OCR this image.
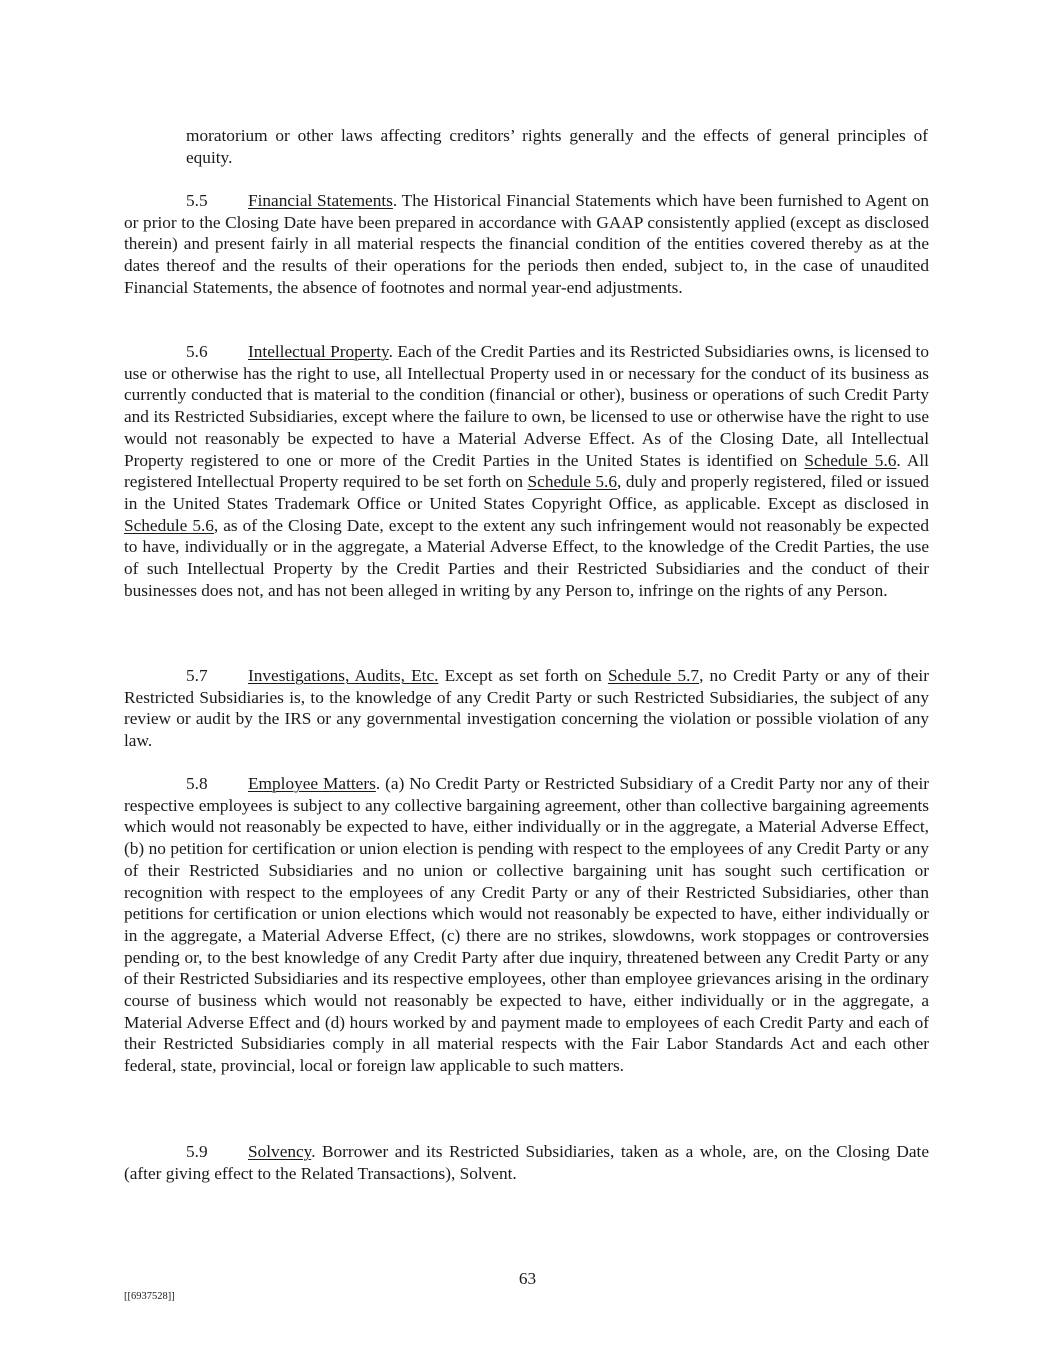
moratorium or other laws affecting creditors’ rights generally and the effects of general principles of equity.

5.5 Financial Statements. The Historical Financial Statements which have been furnished to Agent on or prior to the Closing Date have been prepared in accordance with GAAP consistently applied (except as disclosed therein) and present fairly in all material respects the financial condition of the entities covered thereby as at the dates thereof and the results of their operations for the periods then ended, subject to, in the case of unaudited Financial Statements, the absence of footnotes and normal year-end adjustments.

5.6 Intellectual Property. Each of the Credit Parties and its Restricted Subsidiaries owns, is licensed to use or otherwise has the right to use, all Intellectual Property used in or necessary for the conduct of its business as currently conducted that is material to the condition (financial or other), business or operations of such Credit Party and its Restricted Subsidiaries, except where the failure to own, be licensed to use or otherwise have the right to use would not reasonably be expected to have a Material Adverse Effect. As of the Closing Date, all Intellectual Property registered to one or more of the Credit Parties in the United States is identified on Schedule 5.6. All registered Intellectual Property required to be set forth on Schedule 5.6, duly and properly registered, filed or issued in the United States Trademark Office or United States Copyright Office, as applicable. Except as disclosed in Schedule 5.6, as of the Closing Date, except to the extent any such infringement would not reasonably be expected to have, individually or in the aggregate, a Material Adverse Effect, to the knowledge of the Credit Parties, the use of such Intellectual Property by the Credit Parties and their Restricted Subsidiaries and the conduct of their businesses does not, and has not been alleged in writing by any Person to, infringe on the rights of any Person.

5.7 Investigations, Audits, Etc. Except as set forth on Schedule 5.7, no Credit Party or any of their Restricted Subsidiaries is, to the knowledge of any Credit Party or such Restricted Subsidiaries, the subject of any review or audit by the IRS or any governmental investigation concerning the violation or possible violation of any law.

5.8 Employee Matters. (a) No Credit Party or Restricted Subsidiary of a Credit Party nor any of their respective employees is subject to any collective bargaining agreement, other than collective bargaining agreements which would not reasonably be expected to have, either individually or in the aggregate, a Material Adverse Effect, (b) no petition for certification or union election is pending with respect to the employees of any Credit Party or any of their Restricted Subsidiaries and no union or collective bargaining unit has sought such certification or recognition with respect to the employees of any Credit Party or any of their Restricted Subsidiaries, other than petitions for certification or union elections which would not reasonably be expected to have, either individually or in the aggregate, a Material Adverse Effect, (c) there are no strikes, slowdowns, work stoppages or controversies pending or, to the best knowledge of any Credit Party after due inquiry, threatened between any Credit Party or any of their Restricted Subsidiaries and its respective employees, other than employee grievances arising in the ordinary course of business which would not reasonably be expected to have, either individually or in the aggregate, a Material Adverse Effect and (d) hours worked by and payment made to employees of each Credit Party and each of their Restricted Subsidiaries comply in all material respects with the Fair Labor Standards Act and each other federal, state, provincial, local or foreign law applicable to such matters.

5.9 Solvency. Borrower and its Restricted Subsidiaries, taken as a whole, are, on the Closing Date (after giving effect to the Related Transactions), Solvent.

63
[[6937528]]
